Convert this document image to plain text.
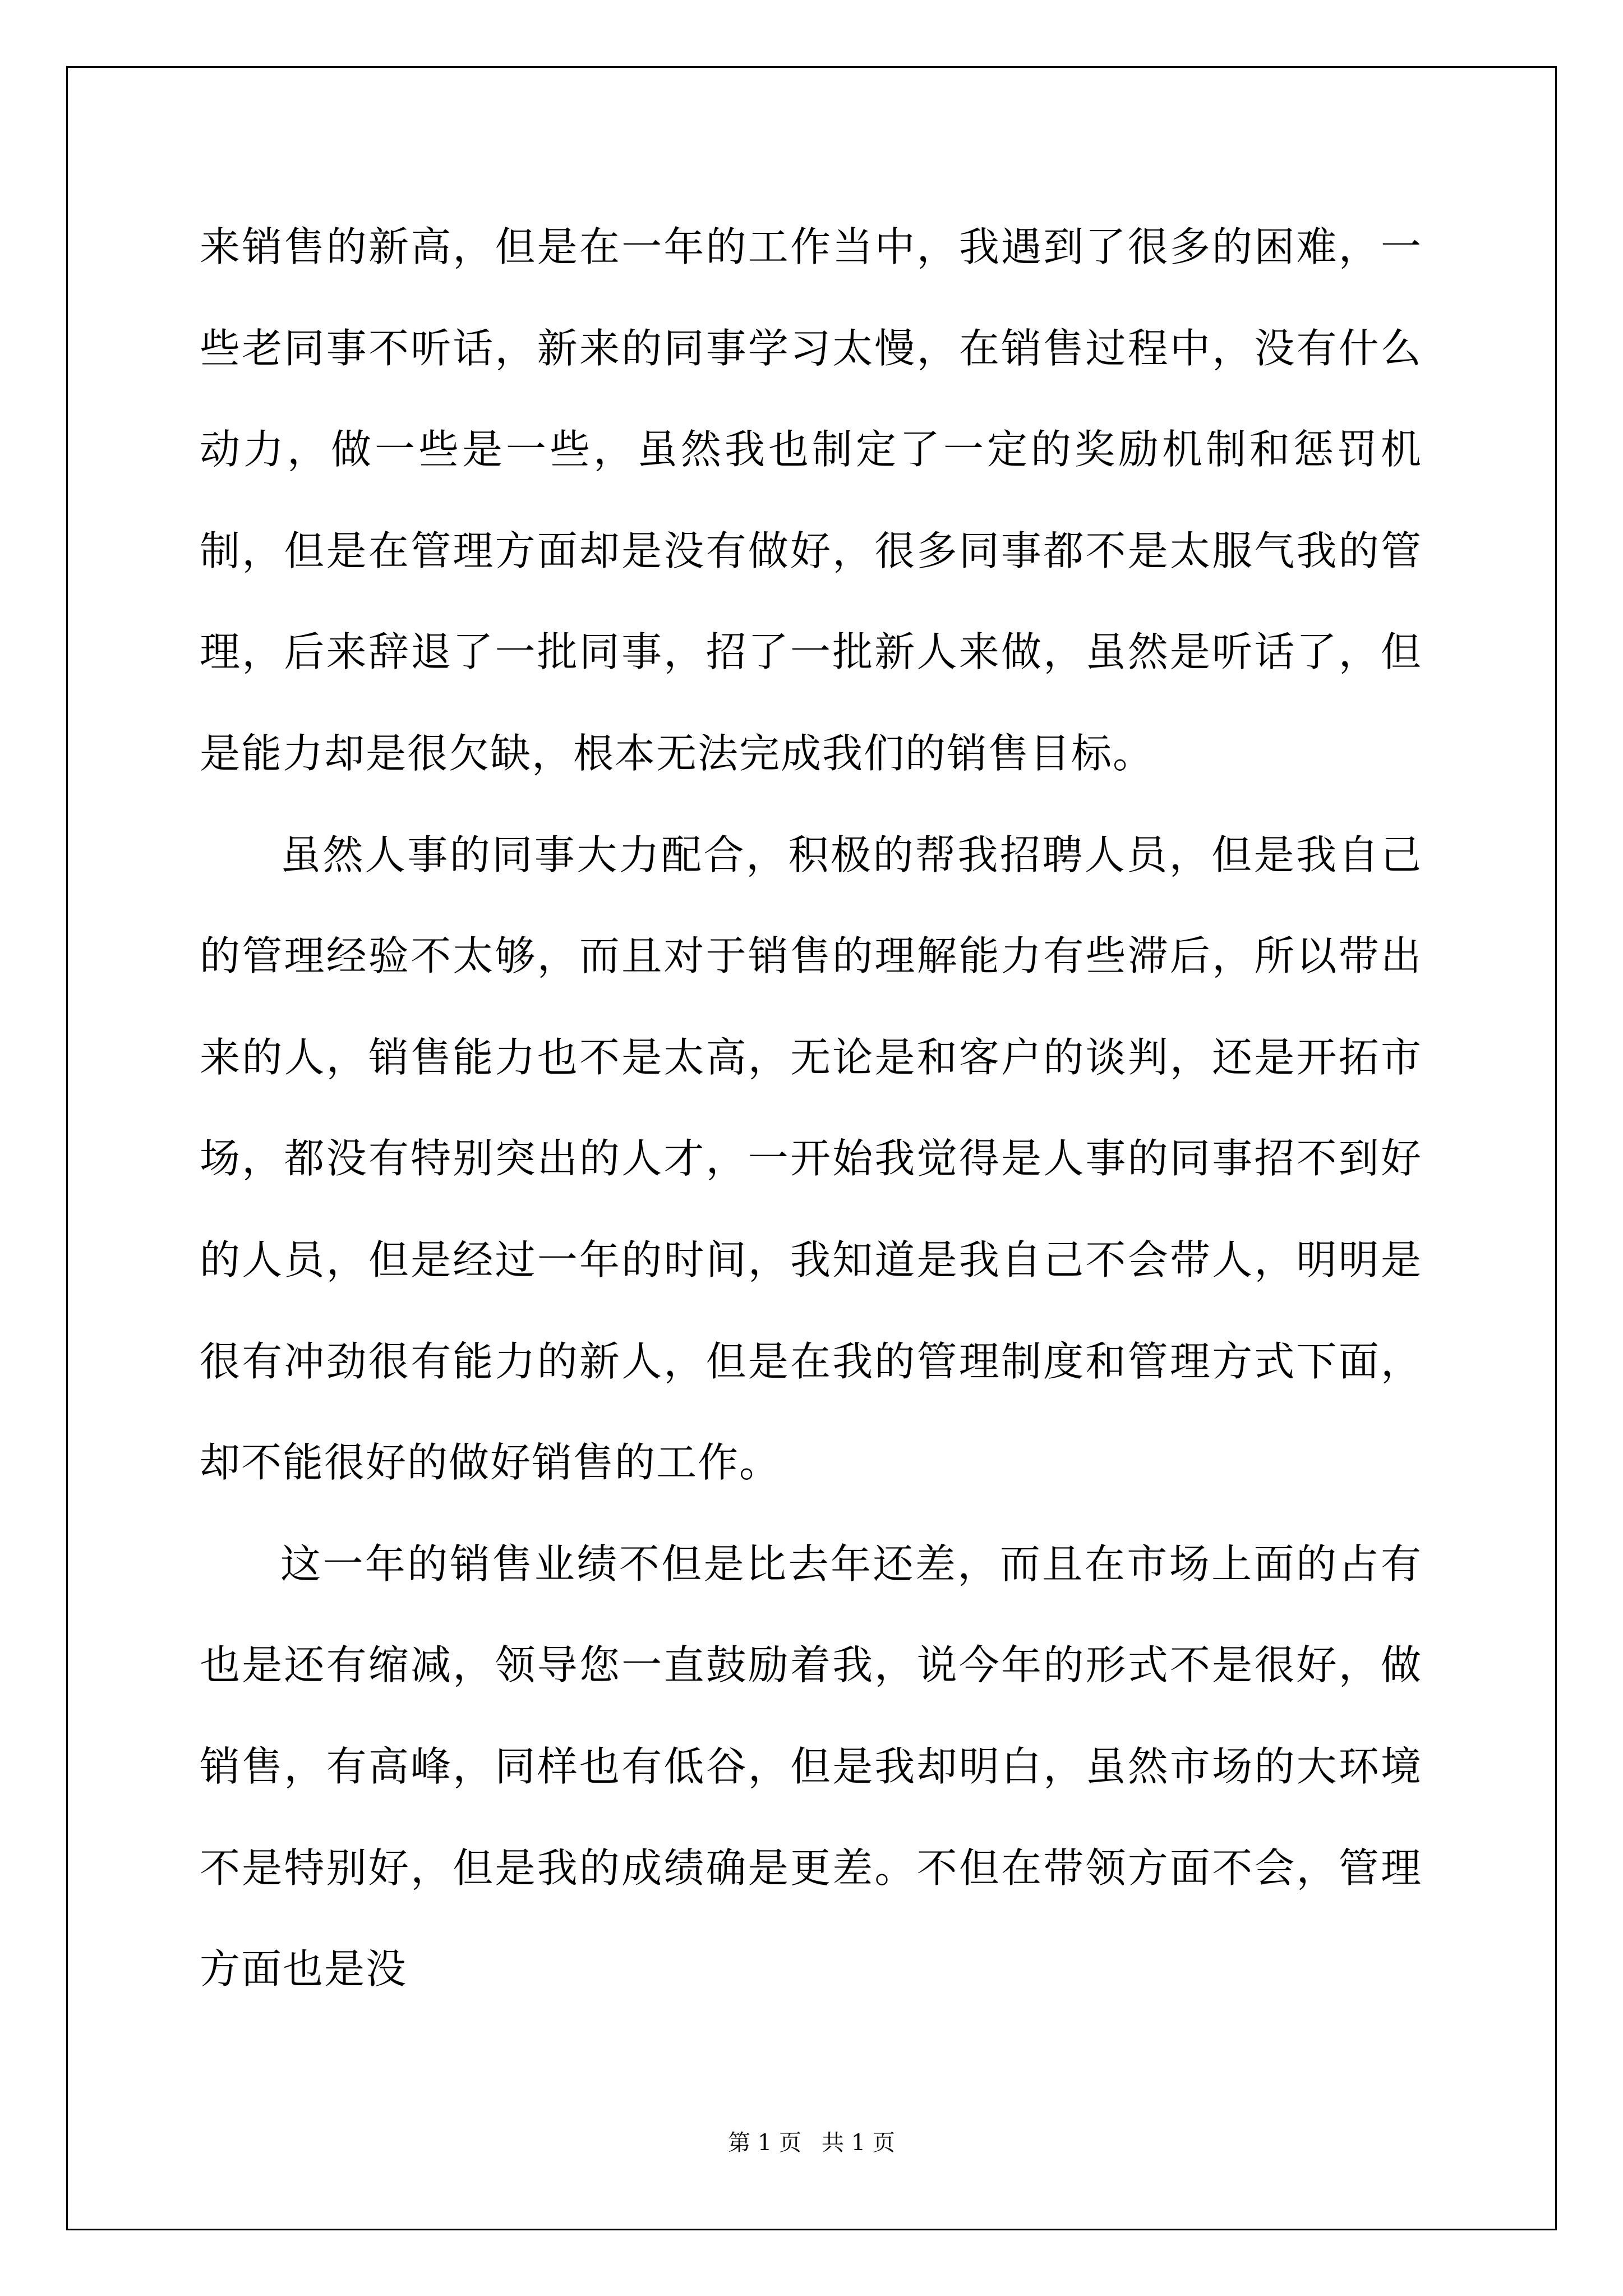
来销售的新高，但是在一年的工作当中，我遇到了很多的困难，一些老同事不听话，新来的同事学习太慢，在销售过程中，没有什么动力，做一些是一些，虽然我也制定了一定的奖励机制和惩罚机制，但是在管理方面却是没有做好，很多同事都不是太服气我的管理，后来辞退了一批同事，招了一批新人来做，虽然是听话了，但是能力却是很欠缺，根本无法完成我们的销售目标。

虽然人事的同事大力配合，积极的帮我招聘人员，但是我自己的管理经验不太够，而且对于销售的理解能力有些滞后，所以带出来的人，销售能力也不是太高，无论是和客户的谈判，还是开拓市场，都没有特别突出的人才，一开始我觉得是人事的同事招不到好的人员，但是经过一年的时间，我知道是我自己不会带人，明明是很有冲劲很有能力的新人，但是在我的管理制度和管理方式下面，却不能很好的做好销售的工作。

这一年的销售业绩不但是比去年还差，而且在市场上面的占有也是还有缩减，领导您一直鼓励着我，说今年的形式不是很好，做销售，有高峰，同样也有低谷，但是我却明白，虽然市场的大环境不是特别好，但是我的成绩确是更差。不但在带领方面不会，管理方面也是没

第 1 页 共 1 页
